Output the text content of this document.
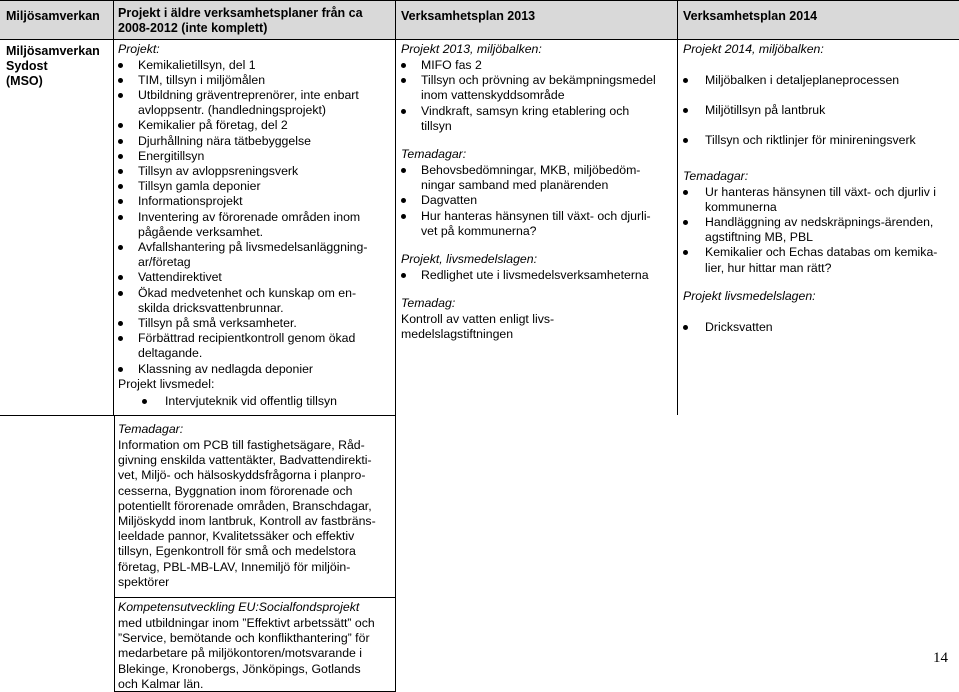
Miljösamverkan Projekt i äldre verksamhetsplaner från ca
2008-2012 (inte komplett)
Verksamhetsplan 2013	Verksamhetsplan 2014
Miljösamverkan
Sydost
(MSO)
Projekt:
Kemikalietillsyn, del 1
TIM, tillsyn i miljömålen
Utbildning gräventreprenörer, inte enbart
avloppsentr. (handledningsprojekt)
Kemikalier på företag, del 2
Djurhållning nära tätbebyggelse
Energitillsyn
Tillsyn av avloppsreningsverk
Tillsyn gamla deponier
Informationsprojekt
Inventering av förorenade områden inom
pågående verksamhet.
Avfallshantering på livsmedelsanläggning-
ar/företag
Vattendirektivet
Ökad medvetenhet och kunskap om en-
skilda dricksvattenbrunnar.
Tillsyn på små verksamheter.
Förbättrad recipientkontroll genom ökad
deltagande.
Klassning av nedlagda deponier
Projekt livsmedel:
Intervjuteknik vid offentlig tillsyn
Temadagar:
Information om PCB till fastighetsägare, Råd-
givning enskilda vattentäkter, Badvattendirekti-
vet, Miljö- och hälsoskyddsfrågorna i planpro-
cesserna, Byggnation inom förorenade och
potentiellt förorenade områden, Branschdagar,
Miljöskydd inom lantbruk, Kontroll av fastbräns-
leeldade pannor, Kvalitetssäker och effektiv
tillsyn, Egenkontroll för små och medelstora
företag, PBL-MB-LAV, Innemiljö för miljöin-
spektörer
Kompetensutveckling EU:Socialfondsprojekt
med utbildningar inom ”Effektivt arbetssätt” och
”Service, bemötande och konflikthantering” för
medarbetare på miljökontoren/motsvarande i
Blekinge, Kronobergs, Jönköpings, Gotlands
och Kalmar län.
Projekt 2013, miljöbalken:
MIFO fas 2
Tillsyn och prövning av bekämpningsmedel
inom vattenskyddsområde
Vindkraft, samsyn kring etablering och
tillsyn
Temadagar:
Behovsbedömningar, MKB, miljöbedöm-
ningar samband med planärenden
Dagvatten
Hur hanteras hänsynen till växt- och djurli-
vet på kommunerna?
Projekt, livsmedelslagen:
Redlighet ute i livsmedelsverksamheterna
Temadag:
Kontroll av vatten enligt livs-
medelslagstiftningen
Projekt 2014, miljöbalken:
Miljöbalken i detaljeplaneprocessen
Miljötillsyn på lantbruk
Tillsyn och riktlinjer för minireningsverk
Temadagar:
Ur hanteras hänsynen till växt- och djurliv i
kommunerna
Handläggning av nedskräpnings-ärenden,
agstiftning MB, PBL
Kemikalier och Echas databas om kemika-
lier, hur hittar man rätt?
Projekt livsmedelslagen:
Dricksvatten
14
